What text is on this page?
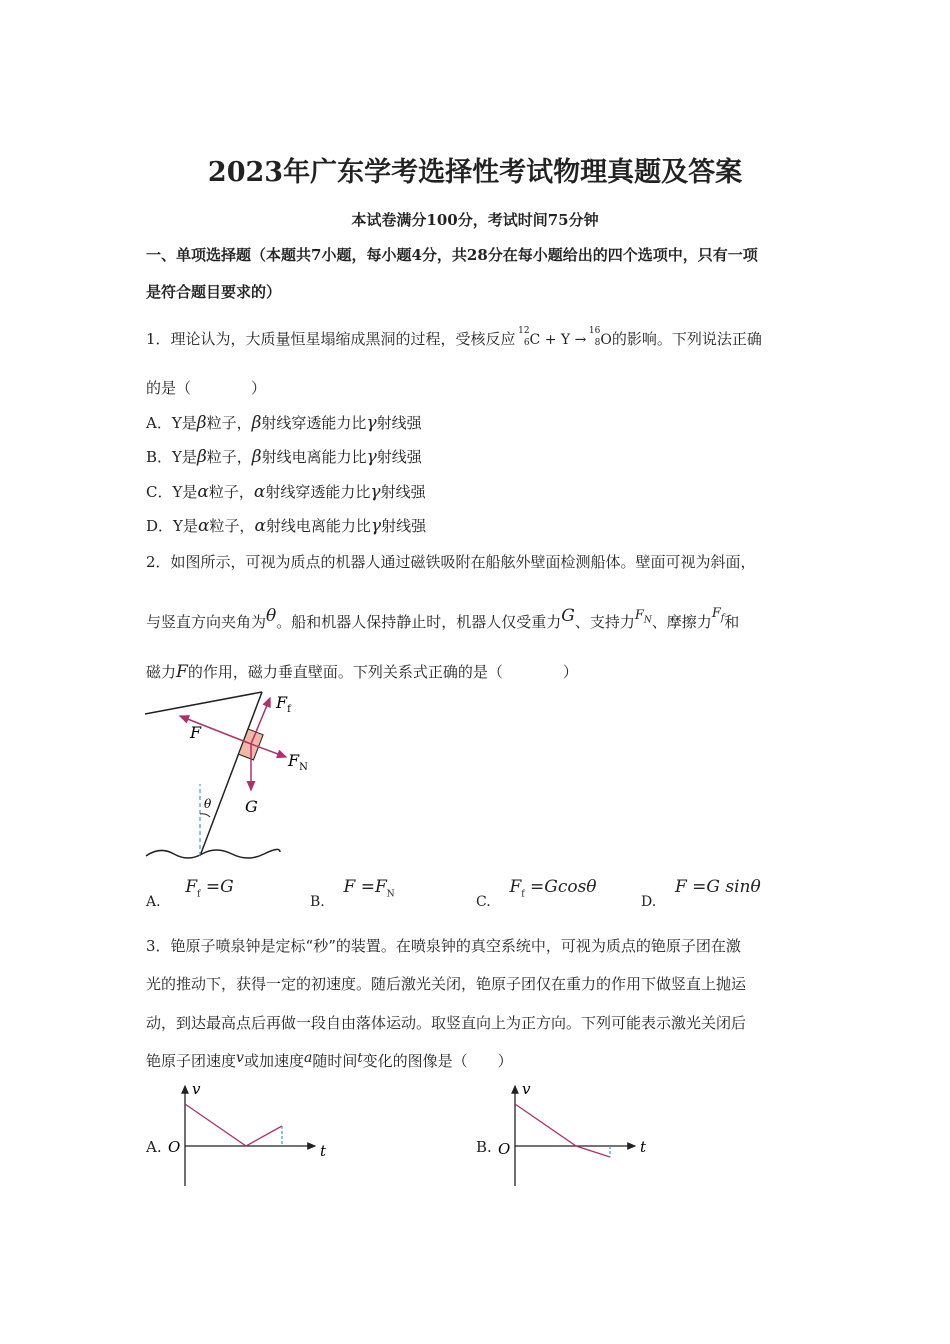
2023年广东学考选择性考试物理真题及答案
本试卷满分100分，考试时间75分钟
一、单项选择题（本题共7小题，每小题4分，共28分在每小题给出的四个选项中，只有一项
是符合题目要求的）
1．理论认为，大质量恒星塌缩成黑洞的过程，受核反应 12
6 C + Y →
16
8 O的影响。下列说法正确
的是（　　　　）
A．Y是β粒子，β射线穿透能力比γ射线强
B．Y是β粒子，β射线电离能力比γ射线强
C．Y是α粒子，α射线穿透能力比γ射线强
D．Y是α粒子，α射线电离能力比γ射线强
2．如图所示，可视为质点的机器人通过磁铁吸附在船舷外壁面检测船体。壁面可视为斜面，
与竖直方向夹角为θ。船和机器人保持静止时，机器人仅受重力G、支持力$F_N$、摩擦力$F_f$和
磁力F的作用，磁力垂直壁面。下列关系式正确的是（　　　　）
θ
$F_f$
F
$F_N$
G
A. $F_f =G$
B. $F =F_N$	C. $F_f =Gcos\theta$
D. F =G sinθ
3．铯原子喷泉钟是定标“秒”的装置。在喷泉钟的真空系统中，可视为质点的铯原子团在激
光的推动下，获得一定的初速度。随后激光关闭，铯原子团仅在重力的作用下做竖直上抛运
动，到达最高点后再做一段自由落体运动。取竖直向上为正方向。下列可能表示激光关闭后
铯原子团速度v或加速度a随时间t变化的图像是（　　）
A.
v
t
O	B.
v
t
O
